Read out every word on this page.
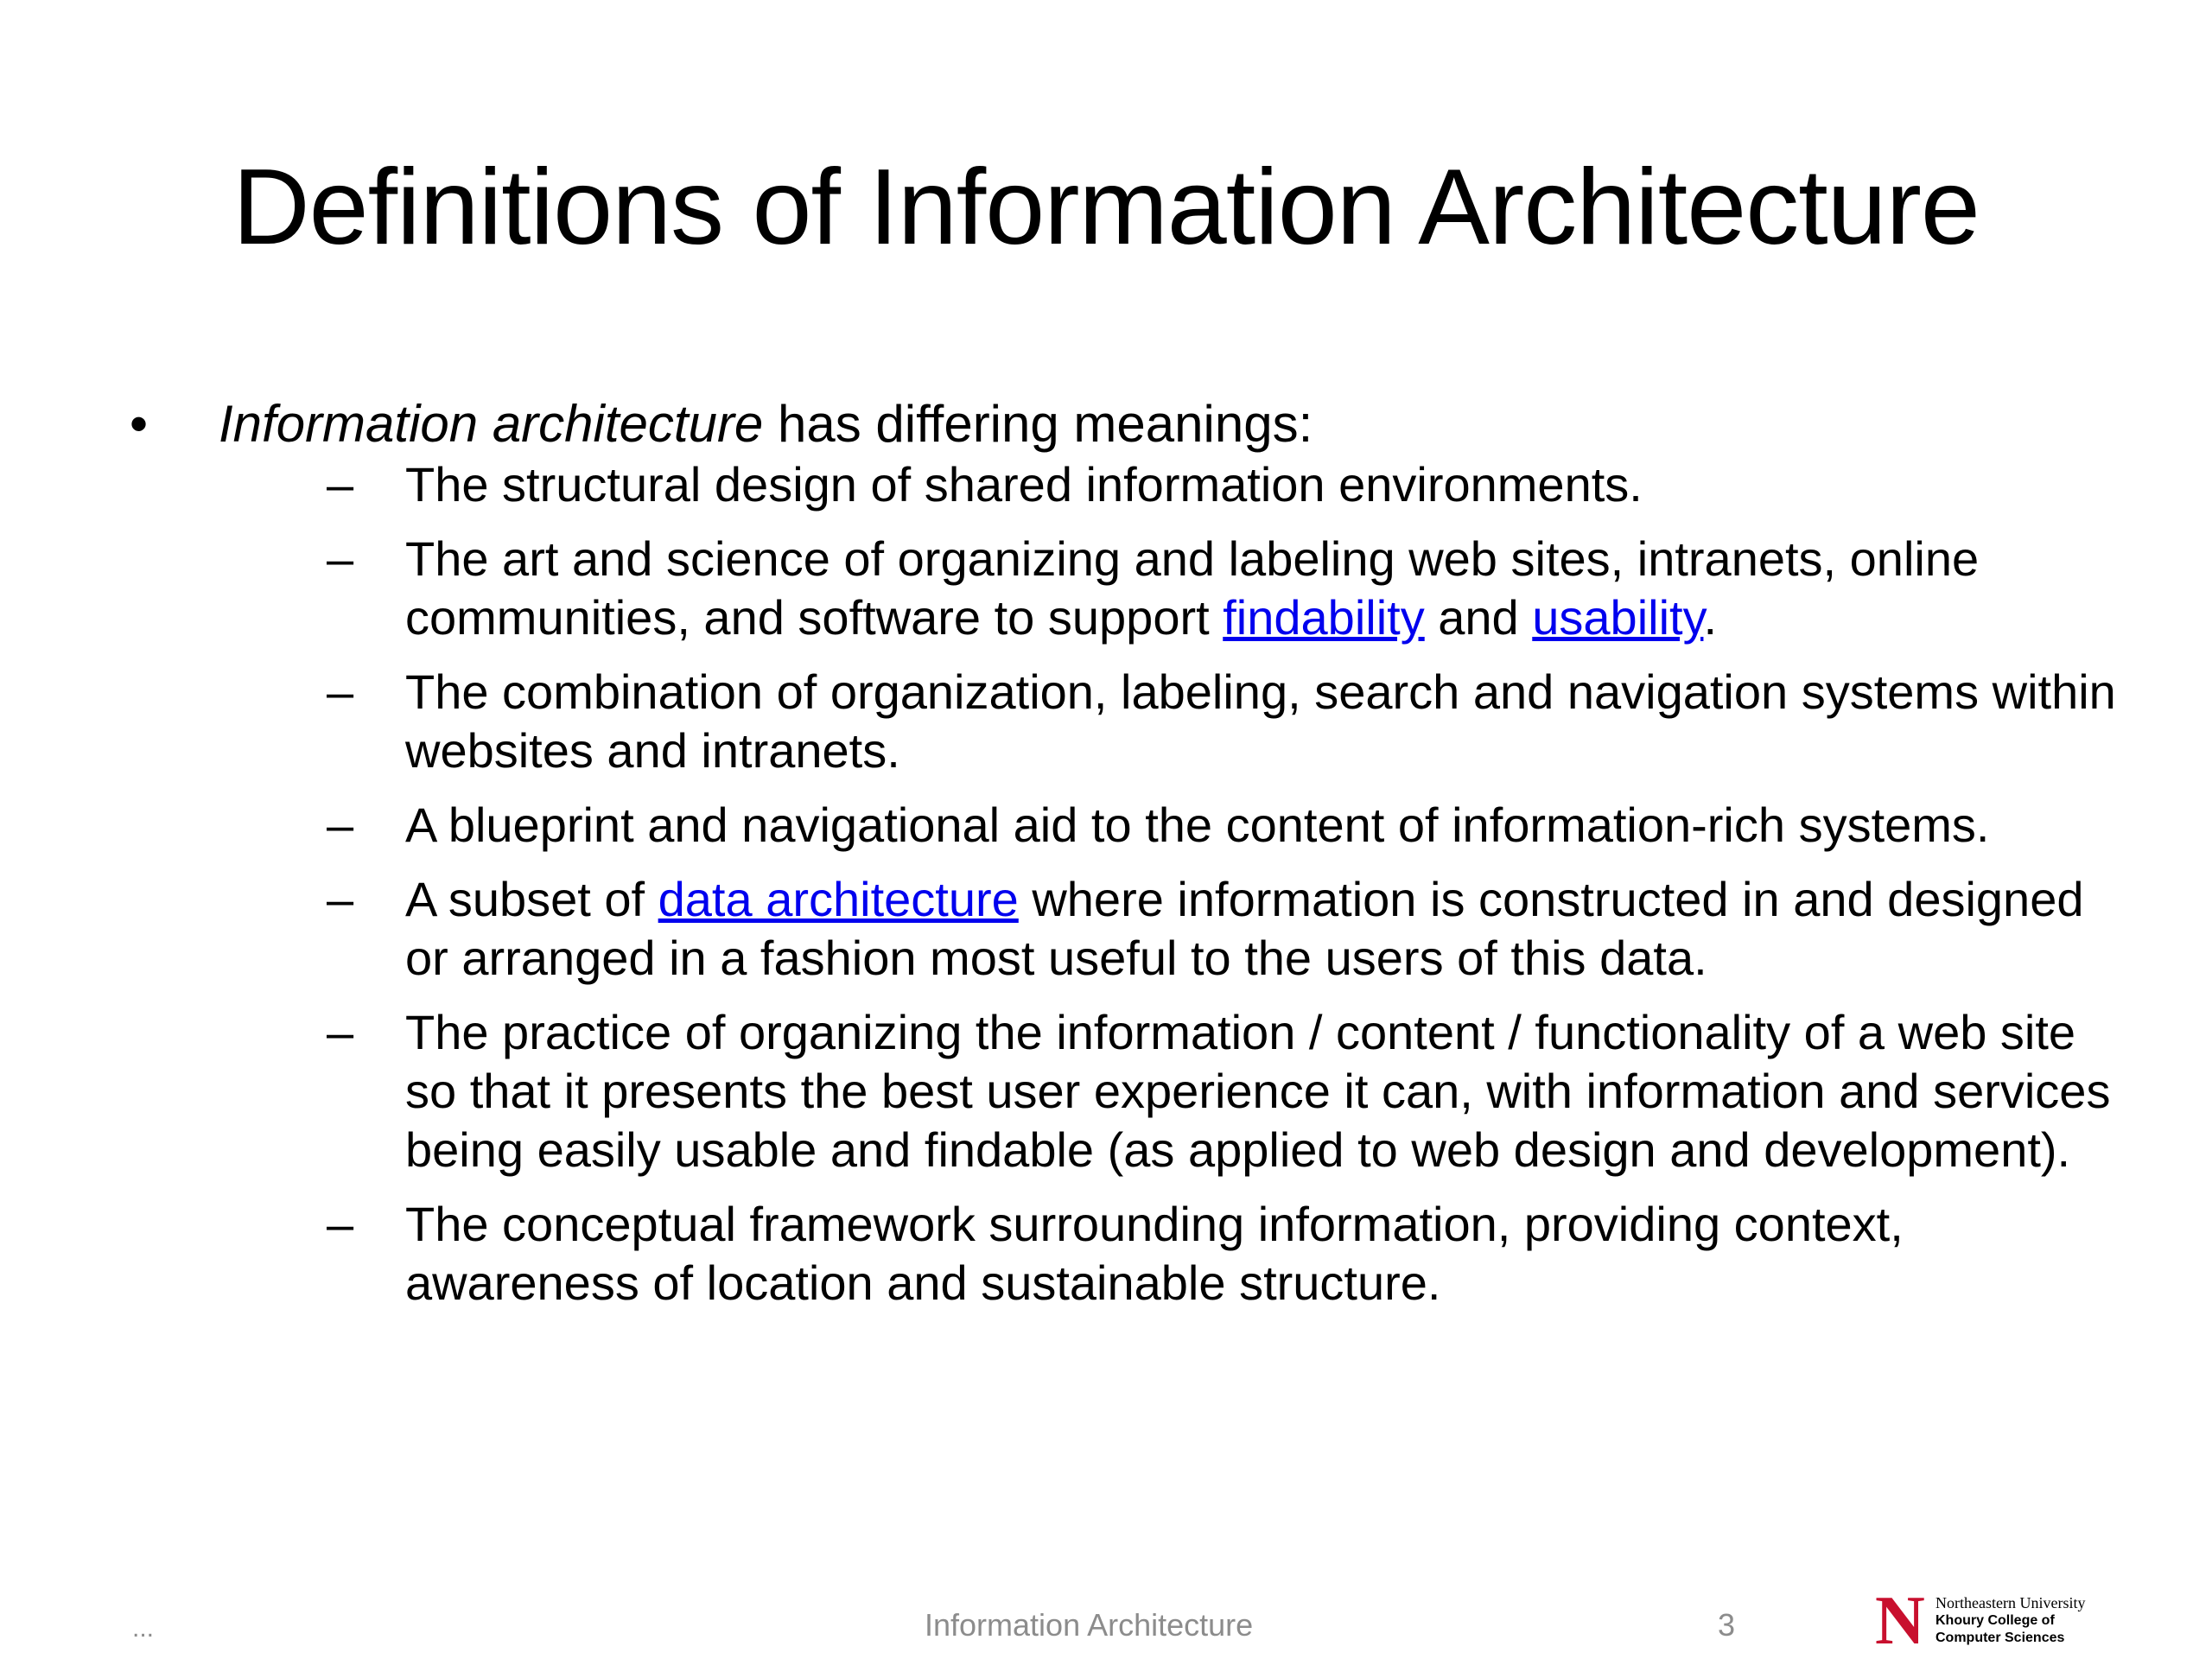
Definitions of Information Architecture
•	Information architecture has differing meanings:
– The structural design of shared information environments.
– The art and science of organizing and labeling web sites, intranets, online communities, and software to support findability and usability.
– The combination of organization, labeling, search and navigation systems within websites and intranets.
– A blueprint and navigational aid to the content of information-rich systems.
– A subset of data architecture where information is constructed in and designed or arranged in a fashion most useful to the users of this data.
– The practice of organizing the information / content / functionality of a web site so that it presents the best user experience it can, with information and services being easily usable and findable (as applied to web design and development).
– The conceptual framework surrounding information, providing context, awareness of location and sustainable structure.
...	Information Architecture	3 N Northeastern University
Khoury College of
Computer Sciences
